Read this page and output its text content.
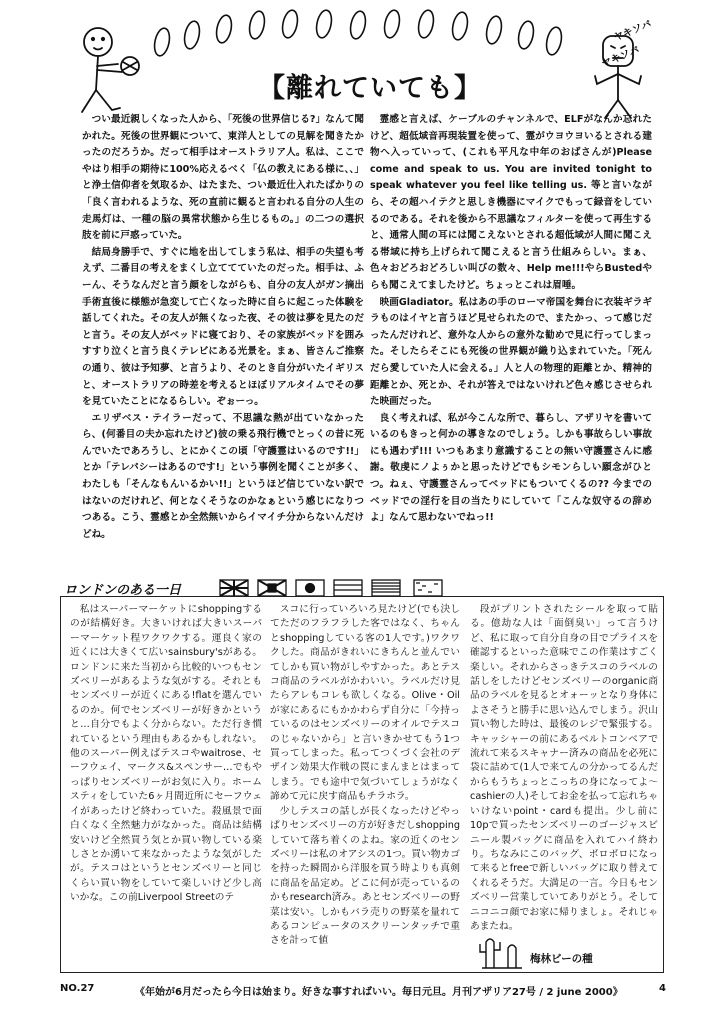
ヤキソバ
ヤキソバ
【離れていても】

つい最近親しくなった人から、「死後の世界信じる?」なんて聞かれた。死後の世界観について、東洋人としての見解を聞きたかったのだろうか。だって相手はオーストラリア人。私は、ここでやはり相手の期待に100%応えるべく「仏の教えにある様に、、」と浄土信仰者を気取るか、はたまた、つい最近仕入れたばかりの「良く言われるような、死の直前に観ると言われる自分の人生の走馬灯は、一種の脳の異常状態から生じるもの。」の二つの選択肢を前に戸惑っていた。

結局身勝手で、すぐに地を出してしまう私は、相手の失望も考えず、二番目の考えをまくし立ててていたのだった。相手は、ふーん、そうなんだと言う顔をしながらも、自分の友人がガン摘出手術直後に様態が急変して亡くなった時に自らに起こった体験を話してくれた。その友人が無くなった夜、その彼は夢を見たのだと言う。その友人がベッドに寝ており、その家族がベッドを囲みすすり泣くと言う良くテレビにある光景を。まぁ、皆さんご推察の通り、彼は予知夢、と言うより、そのとき自分がいたイギリスと、オーストラリアの時差を考えるとほぼリアルタイムでその夢を見ていたことになるらしい。ぞぉーっ。

エリザベス・テイラーだって、不思議な熱が出ていなかったら、(何番目の夫か忘れたけど)彼の乗る飛行機でとっくの昔に死んでいたであろうし、とにかくこの頃「守護霊はいるのです!!」とか「テレパシーはあるのです!」という事例を聞くことが多く、わたしも「そんなもんいるかい!!」というほど信じていない訳ではないのだけれど、何となくそうなのかなぁという感じになりつつある。こう、霊感とか全然無いからイマイチ分からないんだけどね。

霊感と言えば、ケーブルのチャンネルで、ELFがなんか忘れたけど、超低域音再現装置を使って、霊がウヨウヨいるとされる建物へ入っていって、(これも平凡な中年のおばさんが)Please come and speak to us. You are invited tonight to speak whatever you feel like telling us. 等と言いながら、その超ハイテクと思しき機器にマイクでもって録音をしているのである。それを後から不思議なフィルターを使って再生すると、通常人間の耳には聞こえないとされる超低域が人間に聞こえる帯域に持ち上げられて聞こえると言う仕組みらしい。まぁ、色々おどろおどろしい叫びの数々、Help me!!!やらBustedやらも聞こえてましたけど。ちょっとこれは眉唾。

映画Gladiator。私はあの手のローマ帝国を舞台に衣装ギラギラものはイヤと言うほど見せられたので、またかっ、って感じだったんだけれど、意外な人からの意外な勧めで見に行ってしまった。そしたらそこにも死後の世界観が織り込まれていた。「死んだら愛していた人に会える。」人と人の物理的距離とか、精神的距離とか、死とか、それが答えではないけれど色々感じさせられた映画だった。

良く考えれば、私が今こんな所で、暮らし、アザリヤを書いているのもきっと何かの導きなのでしょう。しかも事故らしい事故にも遇わず!!! いつもあまり意識することの無い守護霊さんに感謝。敬虔にノよぅかと思ったけどでもシモンらしい願念がひとつ。ねぇ、守護霊さんってベッドにもついてくるの?? 今までのベッドでの淫行を目の当たりにしていて「こんな奴守るの辞めよ」なんて思わないでねっ!!

ロンドンのある一日

私はスーパーマーケットにshoppingするのが結構好き。大きいければ大きいスーパーマーケット程ワクワクする。運良く家の近くには大きくて広いsainsbury'sがある。ロンドンに来た当初から比較的いつもセンズベリーがあるような気がする。それともセンズベリーが近くにある!flatを選んでいるのか。何でセンズベリーが好きかというと…自分でもよく分からない。ただ行き慣れているという理由もあるかもしれない。他のスーパー例えばテスコやwaitrose、セーフウェイ、マークス&スペンサー…でもやっぱりセンズベリーがお気に入り。ホームスティをしていた6ヶ月間近所にセーフウェイがあったけど終わっていた。殺風景で面白くなく全然魅力がなかった。商品は結構安いけど全然買う気とか買い物している楽しさとか湧いて来なかったような気がしたが。テスコはというとセンズベリーと同じくらい買い物をしていて楽しいけど少し高いかな。この前Liverpool Streetのテ

スコに行っていろいろ見たけど(でも決してただのフラフラした客ではなく、ちゃんとshoppingしている客の1人です。)ワクワクした。商品がきれいにきちんと並んでいてしかも買い物がしやすかった。あとテスコ商品のラベルがかわいい。ラベルだけ見たらアレもコレも欲しくなる。Olive・Oilが家にあるにもかかわらず自分に「今持っているのはセンズベリーのオイルでテスコのじゃないから」と言いきかせてもう1つ買ってしまった。私ってつくづく会社のデザイン効果大作戦の罠にまんまとはまってしまう。でも途中で気づいてしょうがなく諦めて元に戻す商品もチラホラ。

少しテスコの話しが長くなったけどやっぱりセンズベリーの方が好きだしshoppingしていて落ち着くのよね。家の近くのセンズベリーは私のオアシスの1つ。買い物カゴを持った瞬間から洋服を買う時よりも真剣に商品を品定め。どこに何が売っているのかもresearch済み。あとセンズベリーの野菜は安い。しかもバラ売りの野菜を量れてあるコンピュータのスクリーンタッチで重さを計って値

段がプリントされたシールを取って貼る。億劫な人は「面倒臭い」って言うけど、私に取って自分自身の目でプライスを確認するといった意味でこの作業はすごく楽しい。それからさっきテスコのラベルの話しをしたけどセンズベリーのorganic商品のラベルを見るとオォーッとなり身体によさそうと勝手に思い込んでしまう。沢山買い物した時は、最後のレジで緊張する。キャッシャーの前にあるベルトコンベアで流れて来るスキャナー済みの商品を必死に袋に詰めて(1人で来てんの分かってるんだからもうちょっとこっちの身になってよ～cashierの人)そしてお金を払って忘れちゃいけないpoint・cardも提出。少し前に10pで買ったセンズベリーのゴージャスビニール製バッグに商品を入れてハイ終わり。ちなみにこのバッグ、ボロボロになって来るとfreeで新しいバッグに取り替えてくれるそうだ。大満足の一言。今日もセンズベリー営業していてありがとう。そしてニコニコ顔でお家に帰りましょ。それじゃあまたね。

梅林ビーの種
NO.27	《年始が6月だったら今日は始まり。好きな事すればいい。毎日元旦。月刊アザリア27号 / 2 june 2000》	4
